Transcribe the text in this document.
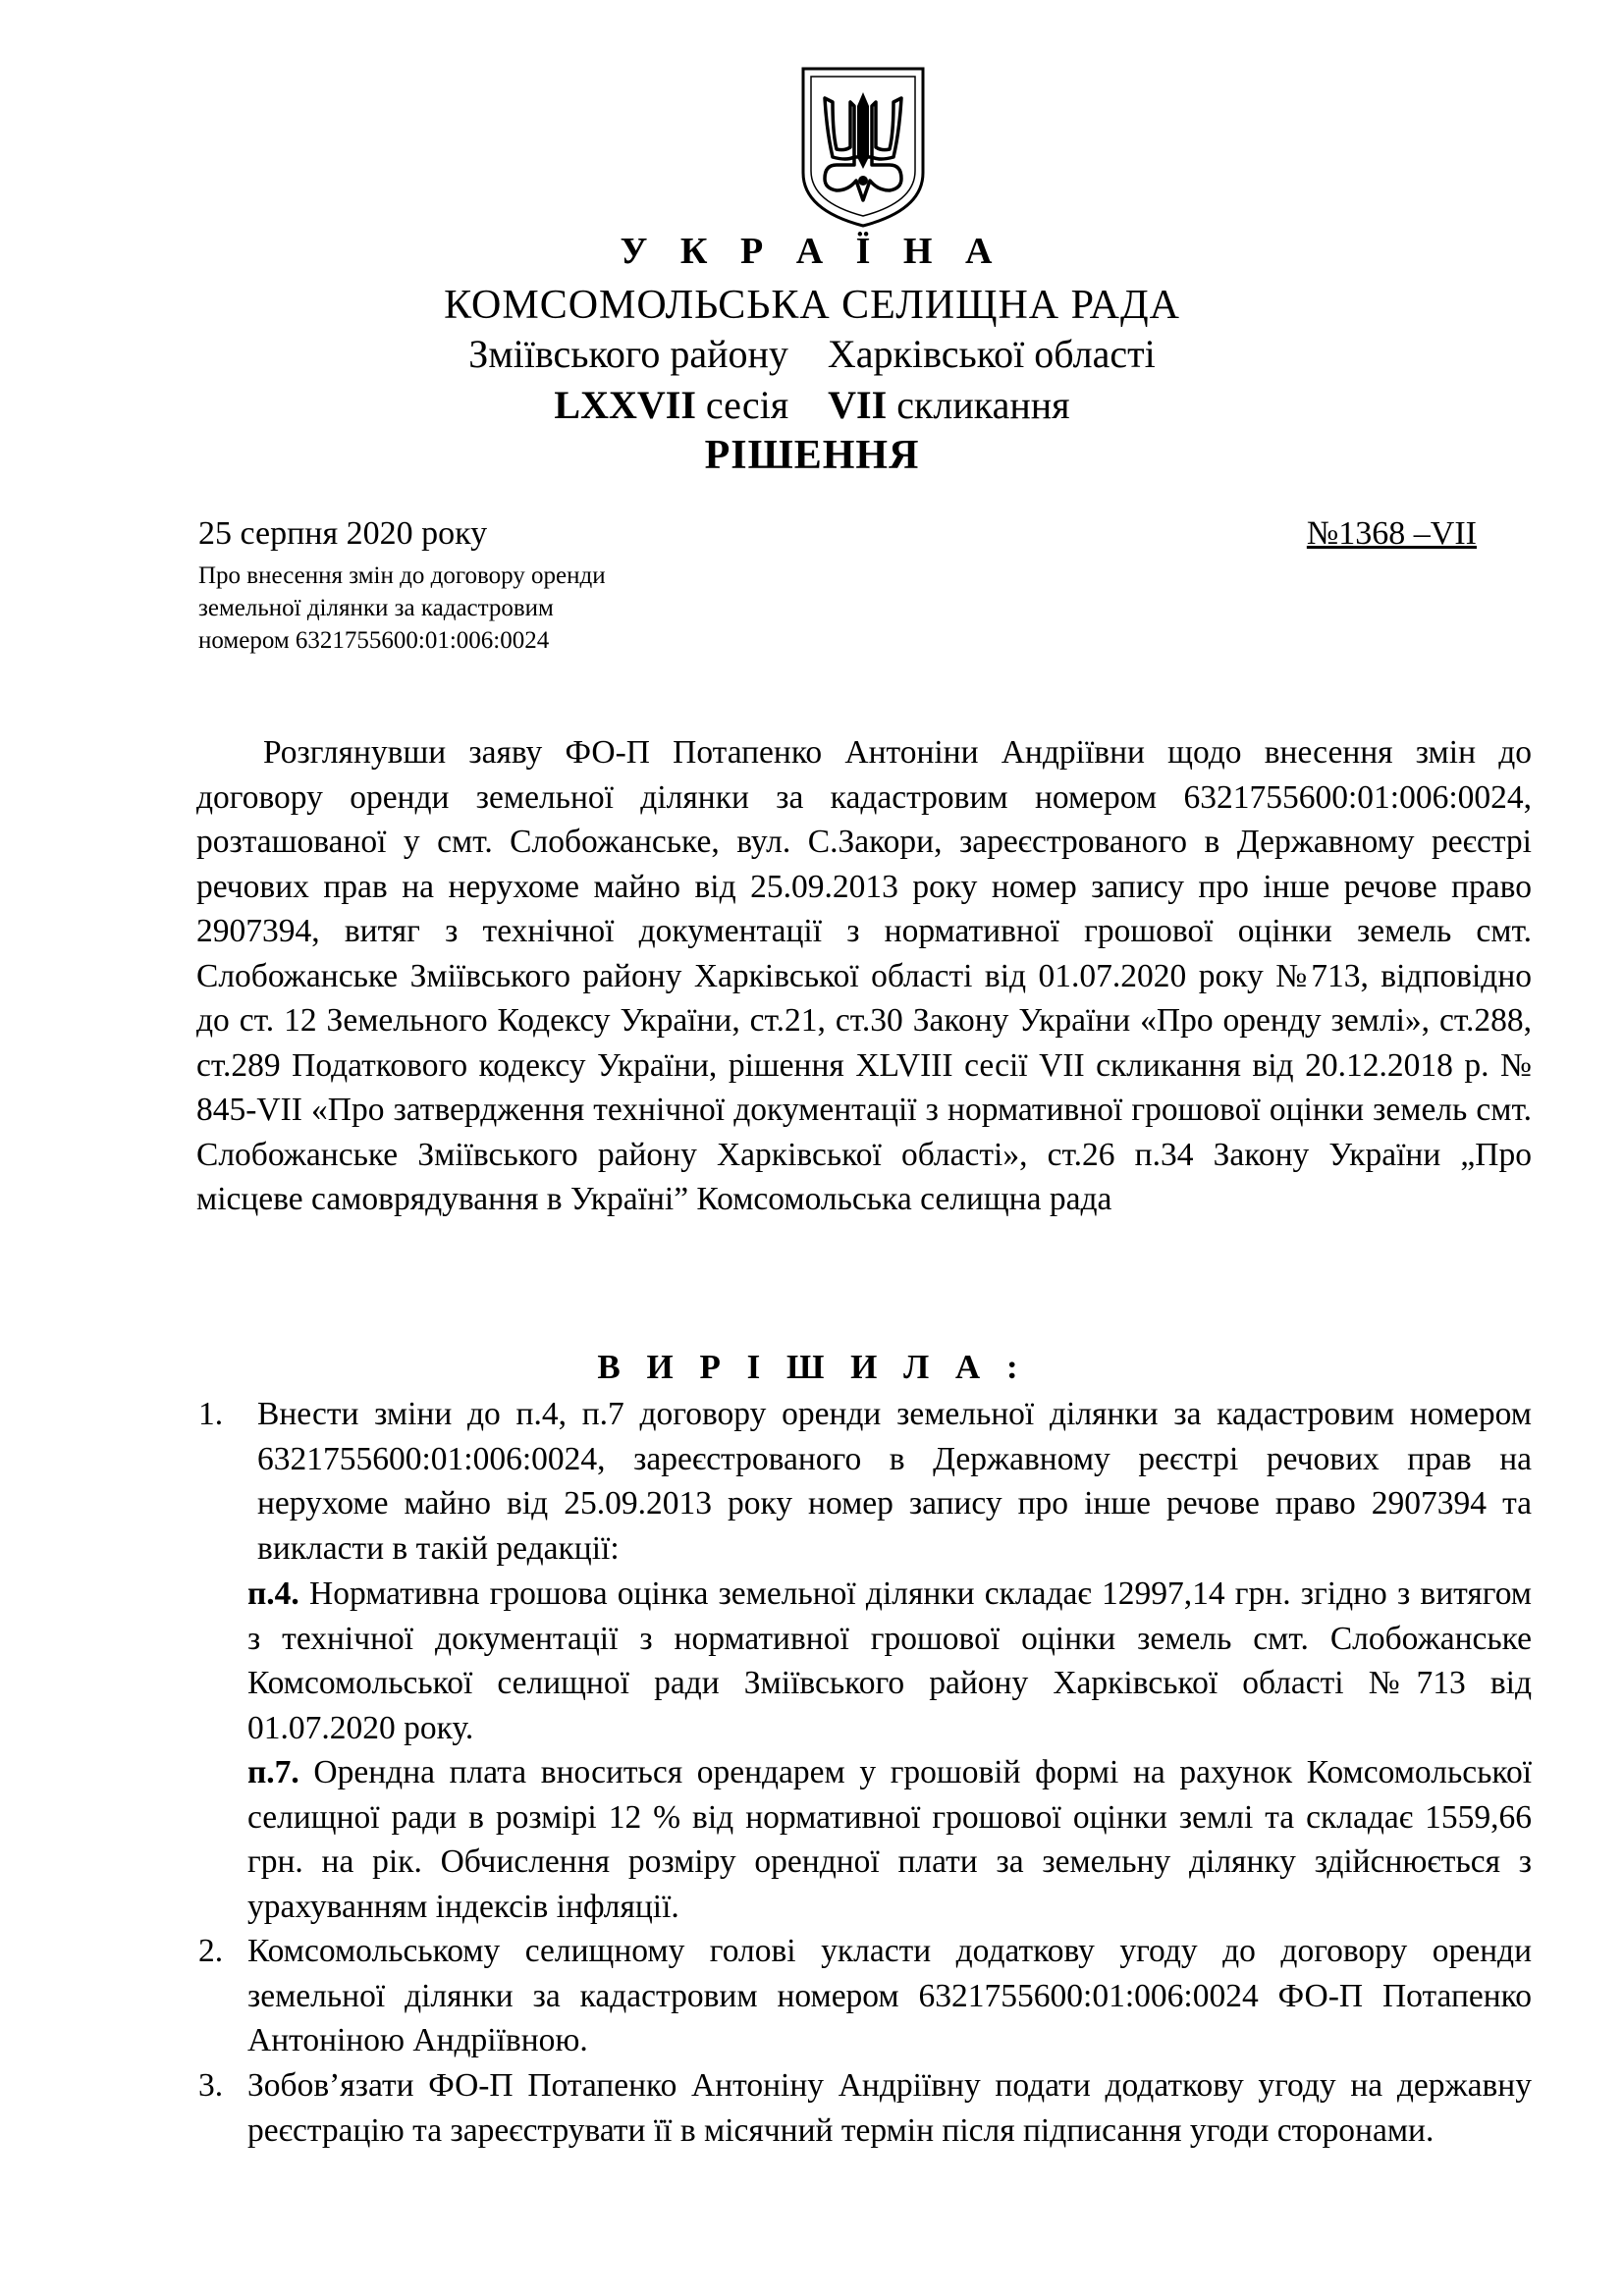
У К Р А Ї Н А
КОМСОМОЛЬСЬКА СЕЛИЩНА РАДА
Зміївського району Харківської області
LXXVII сесія VII скликання
РІШЕННЯ
25 серпня 2020 року	№1368 –VII
Про внесення змін до договору оренди
земельної ділянки за кадастровим
номером 6321755600:01:006:0024
Розглянувши заяву ФО-П Потапенко Антоніни Андріївни щодо внесення змін до договору оренди земельної ділянки за кадастровим номером 6321755600:01:006:0024, розташованої у смт. Слобожанське, вул. С.Закори, зареєстрованого в Державному реєстрі речових прав на нерухоме майно від 25.09.2013 року номер запису про інше речове право 2907394, витяг з технічної документації з нормативної грошової оцінки земель смт. Слобожанське Зміївського району Харківської області від 01.07.2020 року №713, відповідно до ст. 12 Земельного Кодексу України, ст.21, ст.30 Закону України «Про оренду землі», ст.288, ст.289 Податкового кодексу України, рішення XLVIII сесії VII скликання від 20.12.2018 р. № 845-VII «Про затвердження технічної документації з нормативної грошової оцінки земель смт. Слобожанське Зміївського району Харківської області», ст.26 п.34 Закону України „Про місцеве самоврядування в Україні” Комсомольська селищна рада
В И Р І Ш И Л А :
1. Внести змiни до п.4, п.7 договору оренди земельної ділянки за кадастровим номером 6321755600:01:006:0024, зареєстрованого в Державному реєстрі речових прав на нерухоме майно від 25.09.2013 року номер запису про інше речове право 2907394 та викласти в такій редакції:
п.4. Нормативна грошова оцінка земельної ділянки складає 12997,14 грн. згідно з витягом з технічної документації з нормативної грошової оцінки земель смт. Слобожанське Комсомольської селищної ради Зміївського району Харківської області №713 від 01.07.2020 року.
п.7. Орендна плата вноситься орендарем у грошовій формі на рахунок Комсомольської селищної ради в розмірі 12 % від нормативної грошової оцінки землі та складає 1559,66 грн. на рік. Обчислення розміру орендної плати за земельну ділянку здійснюється з урахуванням індексів інфляції.
2. Комсомольському селищному голові укласти додаткову угоду до договору оренди земельної ділянки за кадастровим номером 6321755600:01:006:0024 ФО-П Потапенко Антоніною Андріївною.
3. Зобов’язати ФО-П Потапенко Антоніну Андріївну подати додаткову угоду на державну реєстрацію та зареєструвати її в місячний термін після підписання угоди сторонами.
